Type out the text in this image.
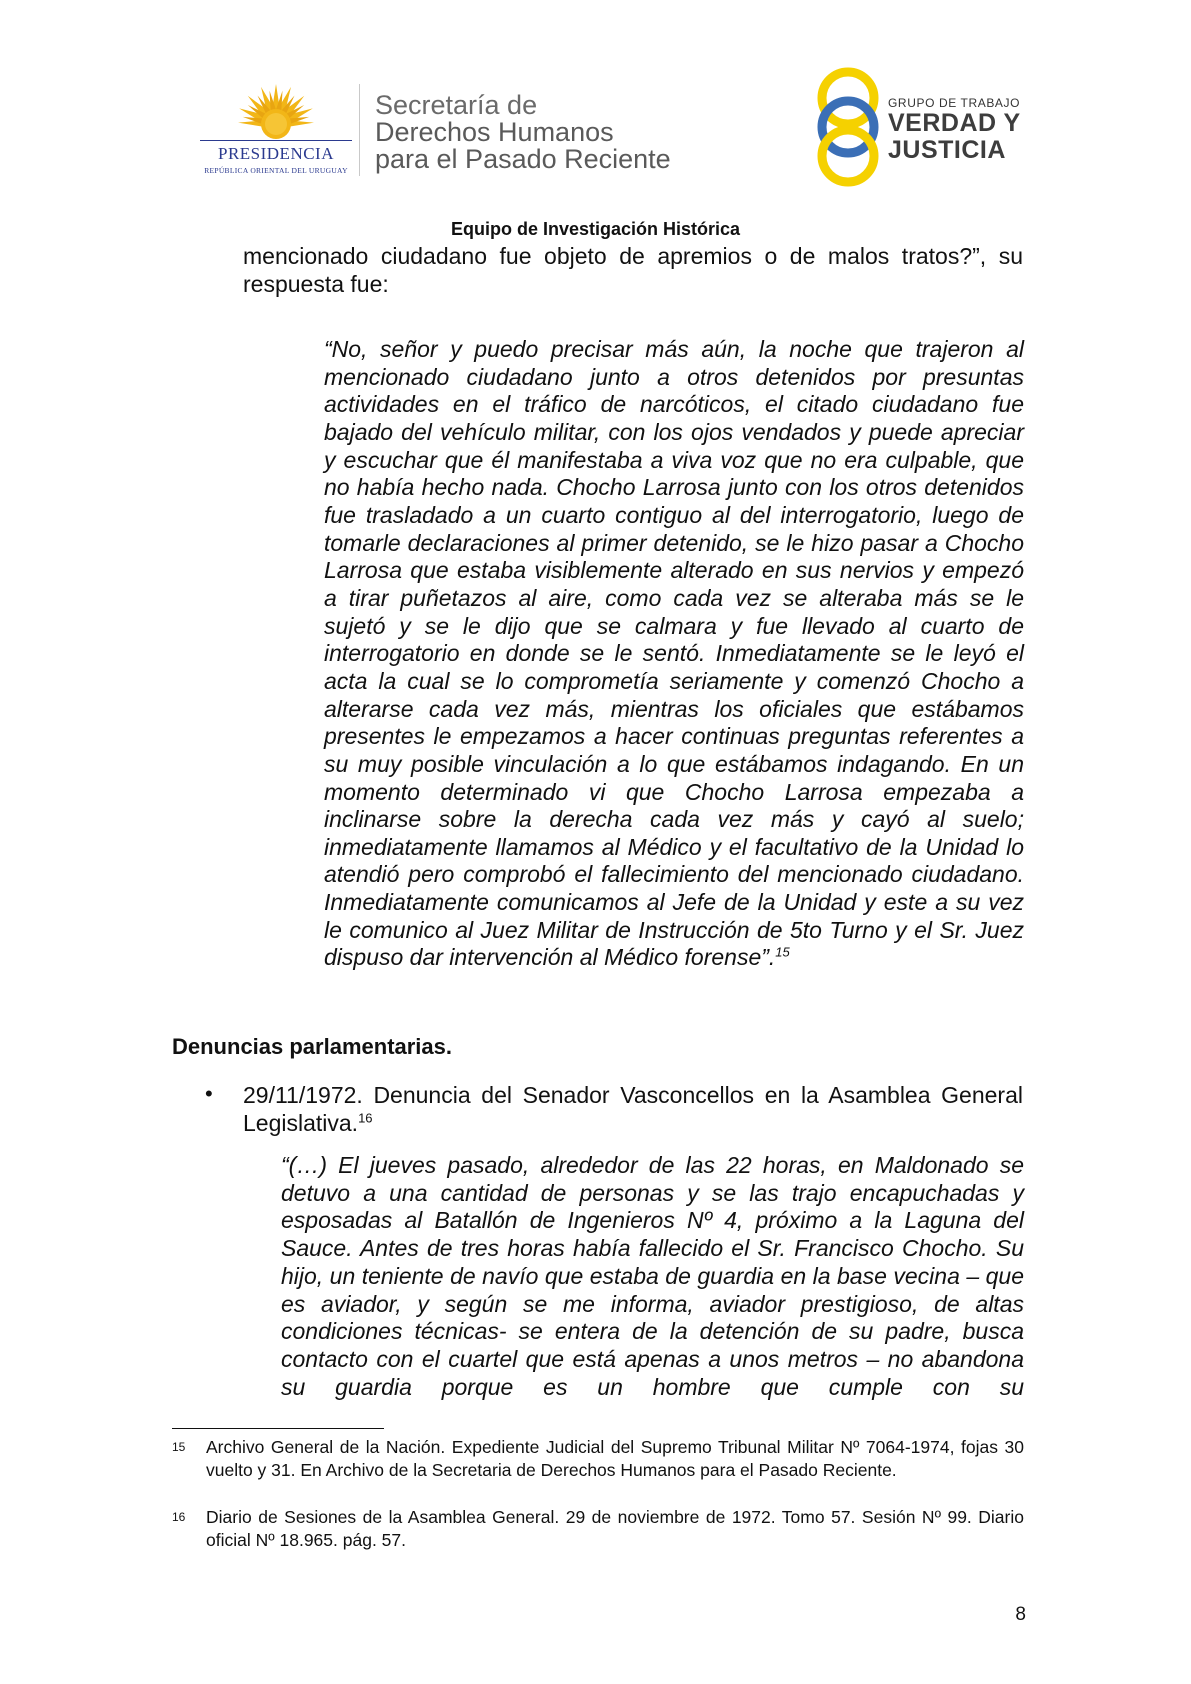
PRESIDENCIA
REPÚBLICA ORIENTAL DEL URUGUAY
Secretaría de
Derechos Humanos
para el Pasado Reciente
GRUPO DE TRABAJO
VERDAD Y
JUSTICIA
Equipo de Investigación Histórica
mencionado ciudadano fue objeto de apremios o de malos tratos?”, su respuesta fue:
“No, señor y puedo precisar más aún, la noche que trajeron al mencionado ciudadano junto a otros detenidos por presuntas actividades en el tráfico de narcóticos, el citado ciudadano fue bajado del vehículo militar, con los ojos vendados y puede apreciar y escuchar que él manifestaba a viva voz que no era culpable, que no había hecho nada. Chocho Larrosa junto con los otros detenidos fue trasladado a un cuarto contiguo al del interrogatorio, luego de tomarle declaraciones al primer detenido, se le hizo pasar a Chocho Larrosa que estaba visiblemente alterado en sus nervios y empezó a tirar puñetazos al aire, como cada vez se alteraba más se le sujetó y se le dijo que se calmara y fue llevado al cuarto de interrogatorio en donde se le sentó. Inmediatamente se le leyó el acta la cual se lo comprometía seriamente y comenzó Chocho a alterarse cada vez más, mientras los oficiales que estábamos presentes le empezamos a hacer continuas preguntas referentes a su muy posible vinculación a lo que estábamos indagando. En un momento determinado vi que Chocho Larrosa empezaba a inclinarse sobre la derecha cada vez más y cayó al suelo; inmediatamente llamamos al Médico y el facultativo de la Unidad lo atendió pero comprobó el fallecimiento del mencionado ciudadano. Inmediatamente comunicamos al Jefe de la Unidad y este a su vez le comunico al Juez Militar de Instrucción de 5to Turno y el Sr. Juez dispuso dar intervención al Médico forense”.$^{15}$
Denuncias parlamentarias.
• 29/11/1972. Denuncia del Senador Vasconcellos en la Asamblea General Legislativa.$^{16}$
“(…) El jueves pasado, alrededor de las 22 horas, en Maldonado se detuvo a una cantidad de personas y se las trajo encapuchadas y esposadas al Batallón de Ingenieros Nº 4, próximo a la Laguna del Sauce. Antes de tres horas había fallecido el Sr. Francisco Chocho. Su hijo, un teniente de navío que estaba de guardia en la base vecina – que es aviador, y según se me informa, aviador prestigioso, de altas condiciones técnicas- se entera de la detención de su padre, busca contacto con el cuartel que está apenas a unos metros – no abandona su guardia porque es un hombre que cumple con su
15 Archivo General de la Nación. Expediente Judicial del Supremo Tribunal Militar Nº 7064-1974, fojas 30 vuelto y 31. En Archivo de la Secretaria de Derechos Humanos para el Pasado Reciente.
16 Diario de Sesiones de la Asamblea General. 29 de noviembre de 1972. Tomo 57. Sesión Nº 99. Diario oficial Nº 18.965. pág. 57.
8
